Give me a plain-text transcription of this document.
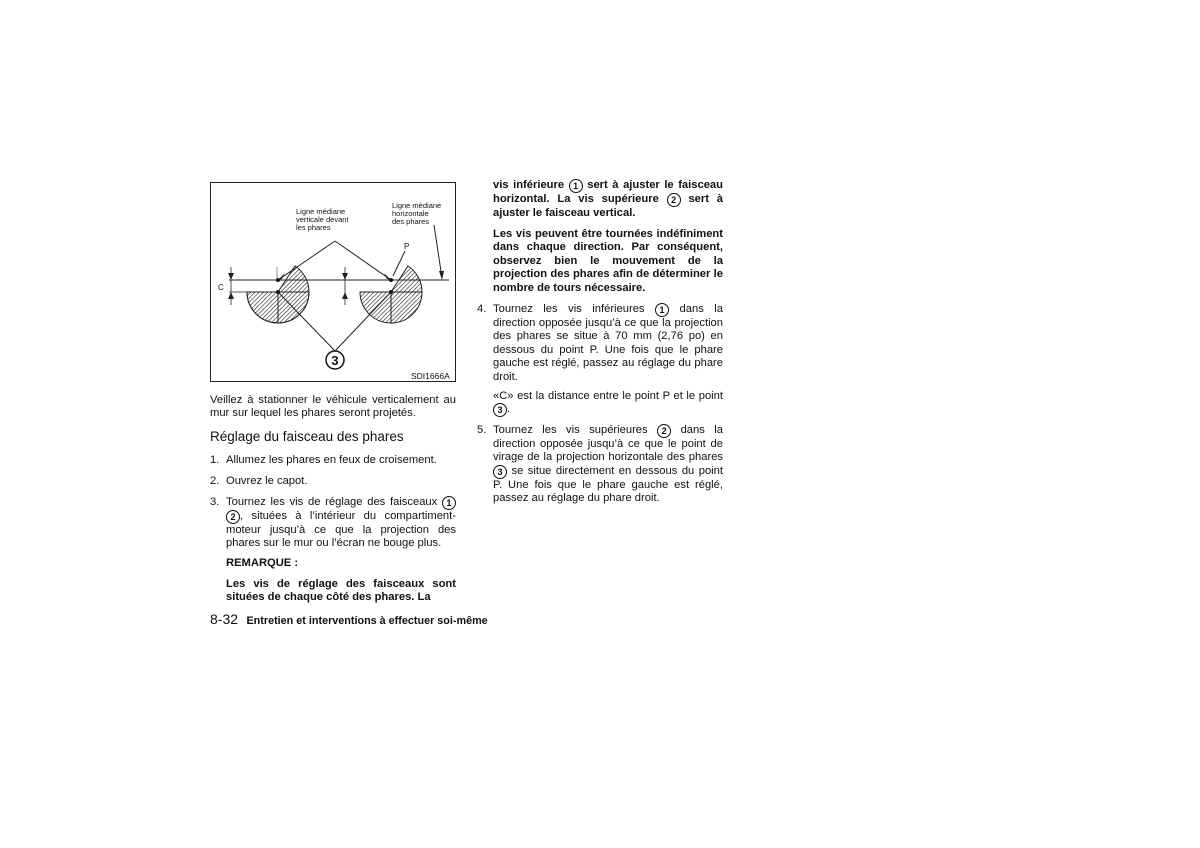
3
Ligne médiane
verticale devant
les phares
Ligne médiane
horizontale
des phares
P
C
SDI1666A

Veillez à stationner le véhicule verticalement au mur sur lequel les phares seront projetés.

Réglage du faisceau des phares
1. Allumez les phares en feux de croisement.
2. Ouvrez le capot.
3. Tournez les vis de réglage des faisceaux 1 2 , situées à l’intérieur du compartiment-moteur jusqu’à ce que la projection des phares sur le mur ou l’écran ne bouge plus.
REMARQUE :

Les vis de réglage des faisceaux sont situées de chaque côté des phares. La

vis inférieure 1 sert à ajuster le faisceau horizontal. La vis supérieure 2 sert à ajuster le faisceau vertical.

Les vis peuvent être tournées indéfiniment dans chaque direction. Par conséquent, observez bien le mouvement de la projection des phares afin de déterminer le nombre de tours nécessaire.

4. Tournez les vis inférieures 1 dans la direction opposée jusqu’à ce que la projection des phares se situe à 70 mm (2,76 po) en dessous du point P. Une fois que le phare gauche est réglé, passez au réglage du phare droit.

«C» est la distance entre le point P et le point 3 .

5. Tournez les vis supérieures 2 dans la direction opposée jusqu’à ce que le point de virage de la projection horizontale des phares 3 se situe directement en dessous du point P. Une fois que le phare gauche est réglé, passez au réglage du phare droit.
8-32 Entretien et interventions à effectuer soi-même
